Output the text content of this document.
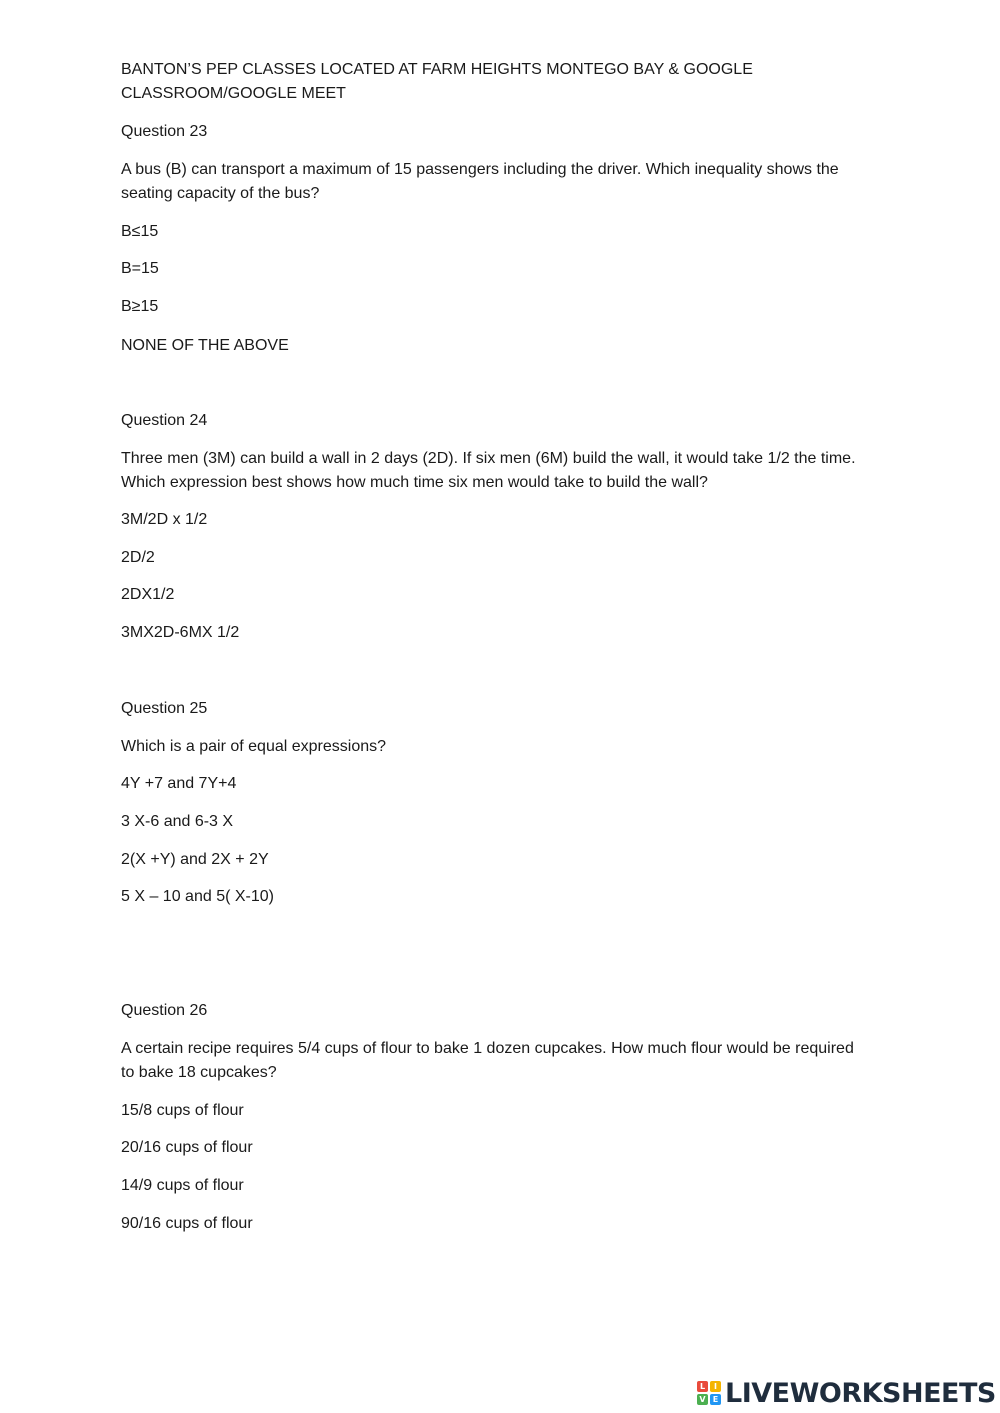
BANTON’S PEP CLASSES LOCATED AT FARM HEIGHTS MONTEGO BAY & GOOGLE
CLASSROOM/GOOGLE MEET
Question 23
A bus (B) can transport a maximum of 15 passengers including the driver. Which inequality shows the seating capacity of the bus?
B≤15
B=15
B≥15
NONE OF THE ABOVE
Question 24
Three men (3M) can build a wall in 2 days (2D). If six men (6M) build the wall, it would take 1/2 the time. Which expression best shows how much time six men would take to build the wall?
3M/2D x 1/2
2D/2
2DX1/2
3MX2D-6MX 1/2
Question 25
Which is a pair of equal expressions?
4Y +7 and 7Y+4
3 X-6 and 6-3 X
2(X +Y) and 2X + 2Y
5 X – 10 and 5( X-10)
Question 26
A certain recipe requires 5/4 cups of flour to bake 1 dozen cupcakes. How much flour would be required to bake 18 cupcakes?
15/8 cups of flour
20/16 cups of flour
14/9 cups of flour
90/16 cups of flour
L	I
V E LIVEWORKSHEETS
